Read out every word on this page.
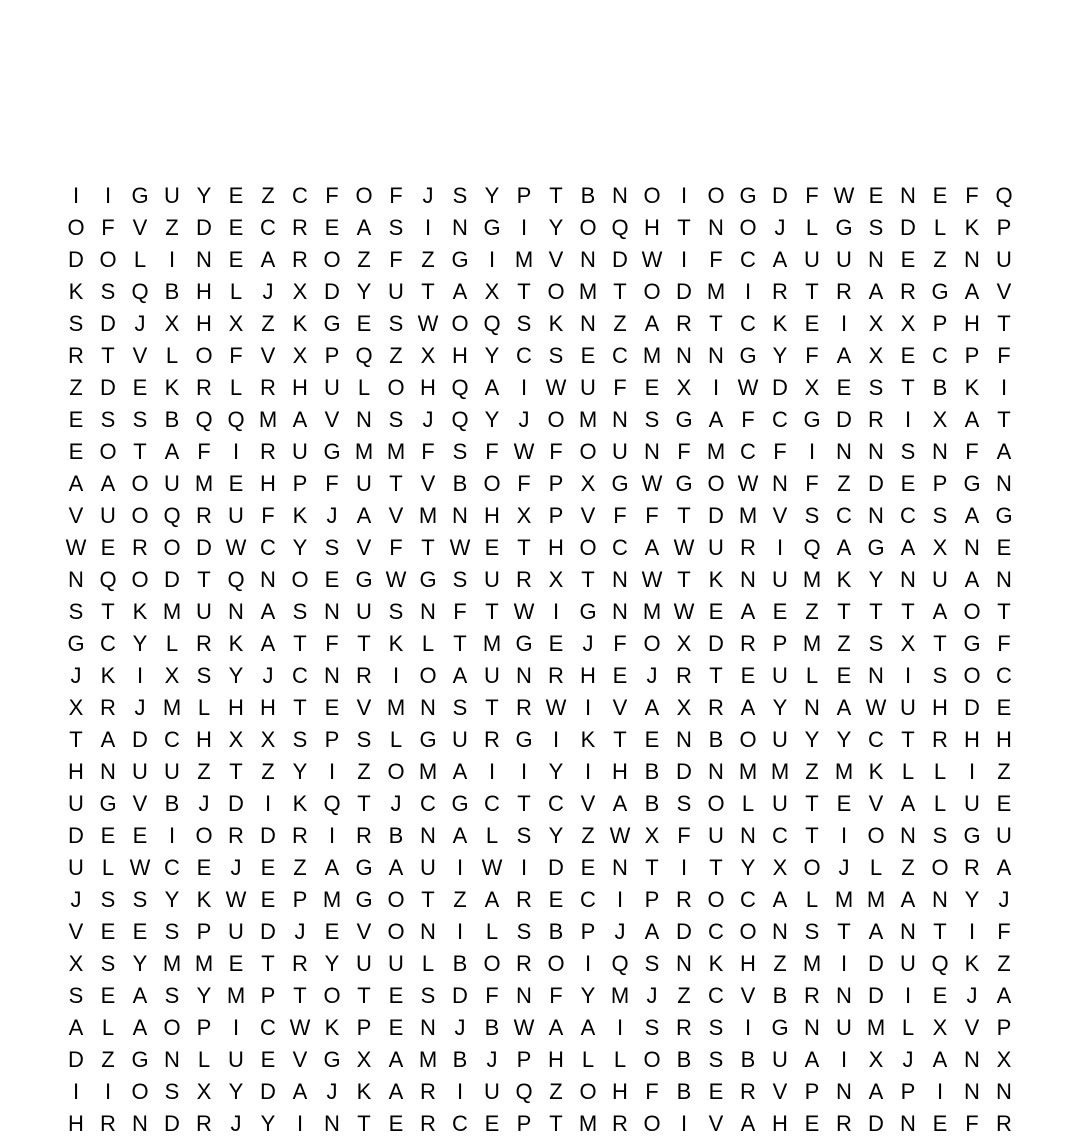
I	I G U Y E Z C F O F J S Y P T B N O I O G D F W E N E F Q
O F V Z D E C R E A S I N G I Y O Q H T N O J L G S D L K P
D O L	I N E A R O Z F Z G I M V N D W I	F C A U U N E Z N U
K S Q B H L J X D Y U T A X T O M T O D M I R T R A R G A V
S D J X H X Z K G E S W O Q S K N Z A R T C K E I X X P H T
R T V L O F V X P Q Z X H Y C S E C M N N G Y F A X E C P F
Z D E K R L R H U L O H Q A I W U F E X I W D X E S T B K I
E S S B Q Q M A V N S J Q Y J O M N S G A F C G D R I X A T
E O T A F	I R U G M M F S F W F O U N F M C F	I N N S N F A
A A O U M E H P F U T V B O F P X G W G O W N F Z D E P G N
V U O Q R U F K J A V M N H X P V F F T D M V S C N C S A G
W E R O D W C Y S V F T W E T H O C A W U R I Q A G A X N E
N Q O D T Q N O E G W G S U R X T N W T K N U M K Y N U A N
S T K M U N A S N U S N F T W I G N M W E A E Z T T T A O T
G C Y L R K A T F T K L T M G E J F O X D R P M Z S X T G F
J K I X S Y J C N R I O A U N R H E J R T E U L E N I S O C
X R J M L H H T E V M N S T R W I V A X R A Y N A W U H D E
T A D C H X X S P S L G U R G I K T E N B O U Y Y C T R H H
H N U U Z T Z Y I	Z O M A I	I Y I H B D N M M Z M K L L	I	Z
U G V B J D I K Q T J C G C T C V A B S O L U T E V A L U E
D E E I O R D R I R B N A L S Y Z W X F U N C T	I O N S G U
U L W C E J E Z A G A U I W I D E N T	I	T Y X O J L Z O R A
J S S Y K W E P M G O T Z A R E C I P R O C A L M M A N Y J
V E E S P U D J E V O N I	L S B P J A D C O N S T A N T	I	F
X S Y M M E T R Y U U L B O R O I Q S N K H Z M I D U Q K Z
S E A S Y M P T O T E S D F N F Y M J Z C V B R N D I E J A
A L A O P I C W K P E N J B W A A I S R S I G N U M L X V P
D Z G N L U E V G X A M B J P H L L O B S B U A I X J A N X
I	I O S X Y D A J K A R I U Q Z O H F B E R V P N A P I N N
H R N D R J Y I N T E R C E P T M R O I V A H E R D N E F R
